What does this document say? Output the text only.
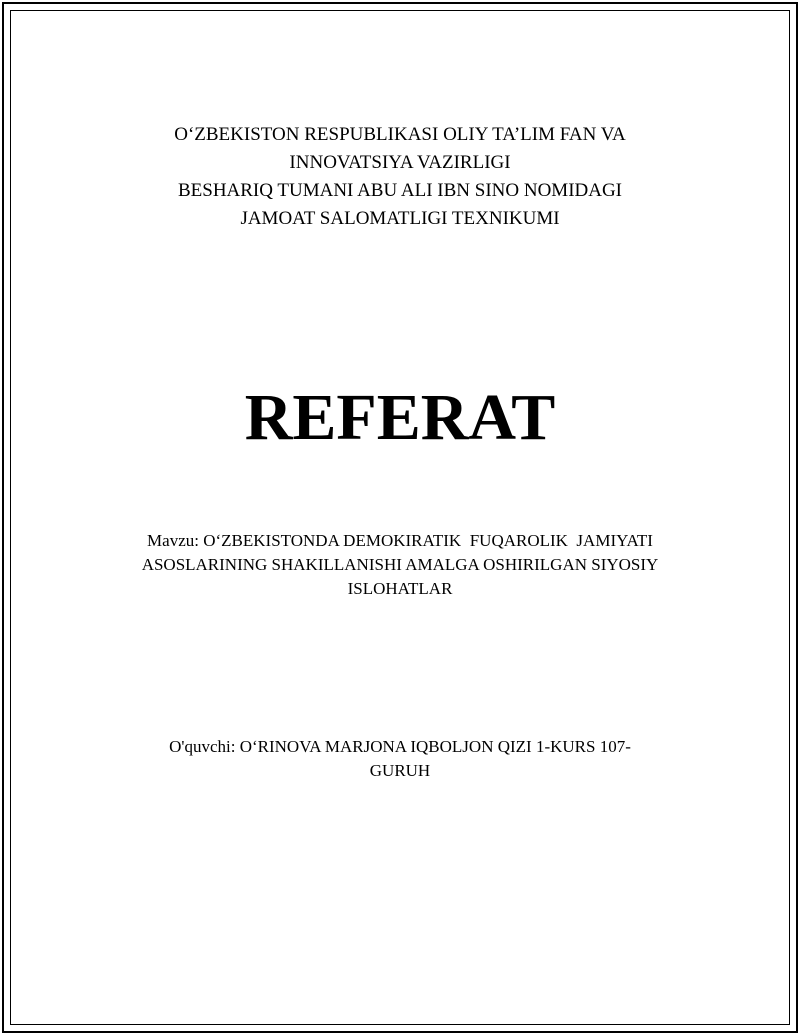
O‘ZBEKISTON RESPUBLIKASI OLIY TA’LIM FAN VA
INNOVATSIYA VAZIRLIGI
BESHARIQ TUMANI ABU ALI IBN SINO NOMIDAGI
JAMOAT SALOMATLIGI TEXNIKUMI
REFERAT
Mavzu: O‘ZBEKISTONDA DEMOKIRATIK  FUQAROLIK  JAMIYATI
ASOSLARINING SHAKILLANISHI AMALGA OSHIRILGAN SIYOSIY
ISLOHATLAR
O'quvchi: O‘RINOVA MARJONA IQBOLJON QIZI 1-KURS 107-
GURUH
